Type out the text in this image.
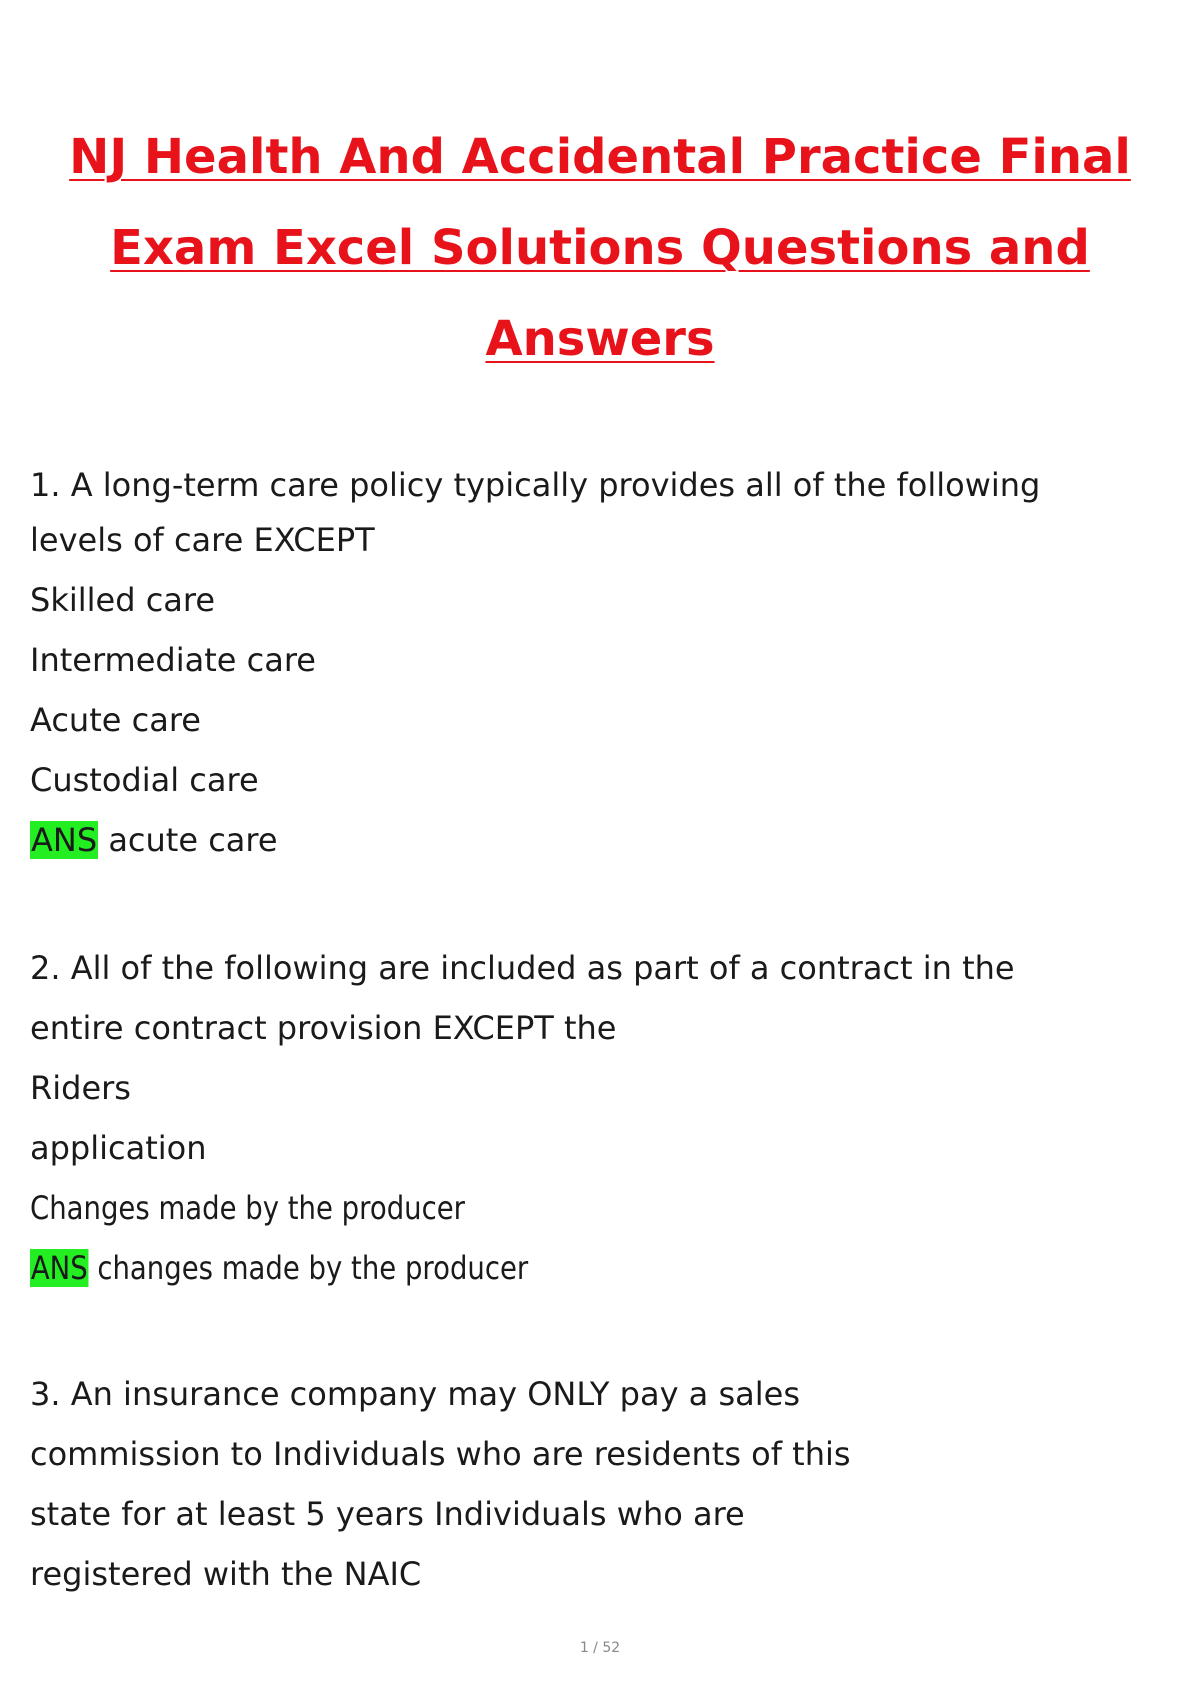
NJ Health And Accidental Practice Final
Exam Excel Solutions Questions and
Answers

1. A long-term care policy typically provides all of the following

levels of care EXCEPT

Skilled care

Intermediate care

Acute care

Custodial care

ANS acute care

2. All of the following are included as part of a contract in the

entire contract provision EXCEPT the

Riders

application

Changes made by the producer

ANS changes made by the producer

3. An insurance company may ONLY pay a sales

commission to Individuals who are residents of this

state for at least 5 years Individuals who are

registered with the NAIC

1 / 52
